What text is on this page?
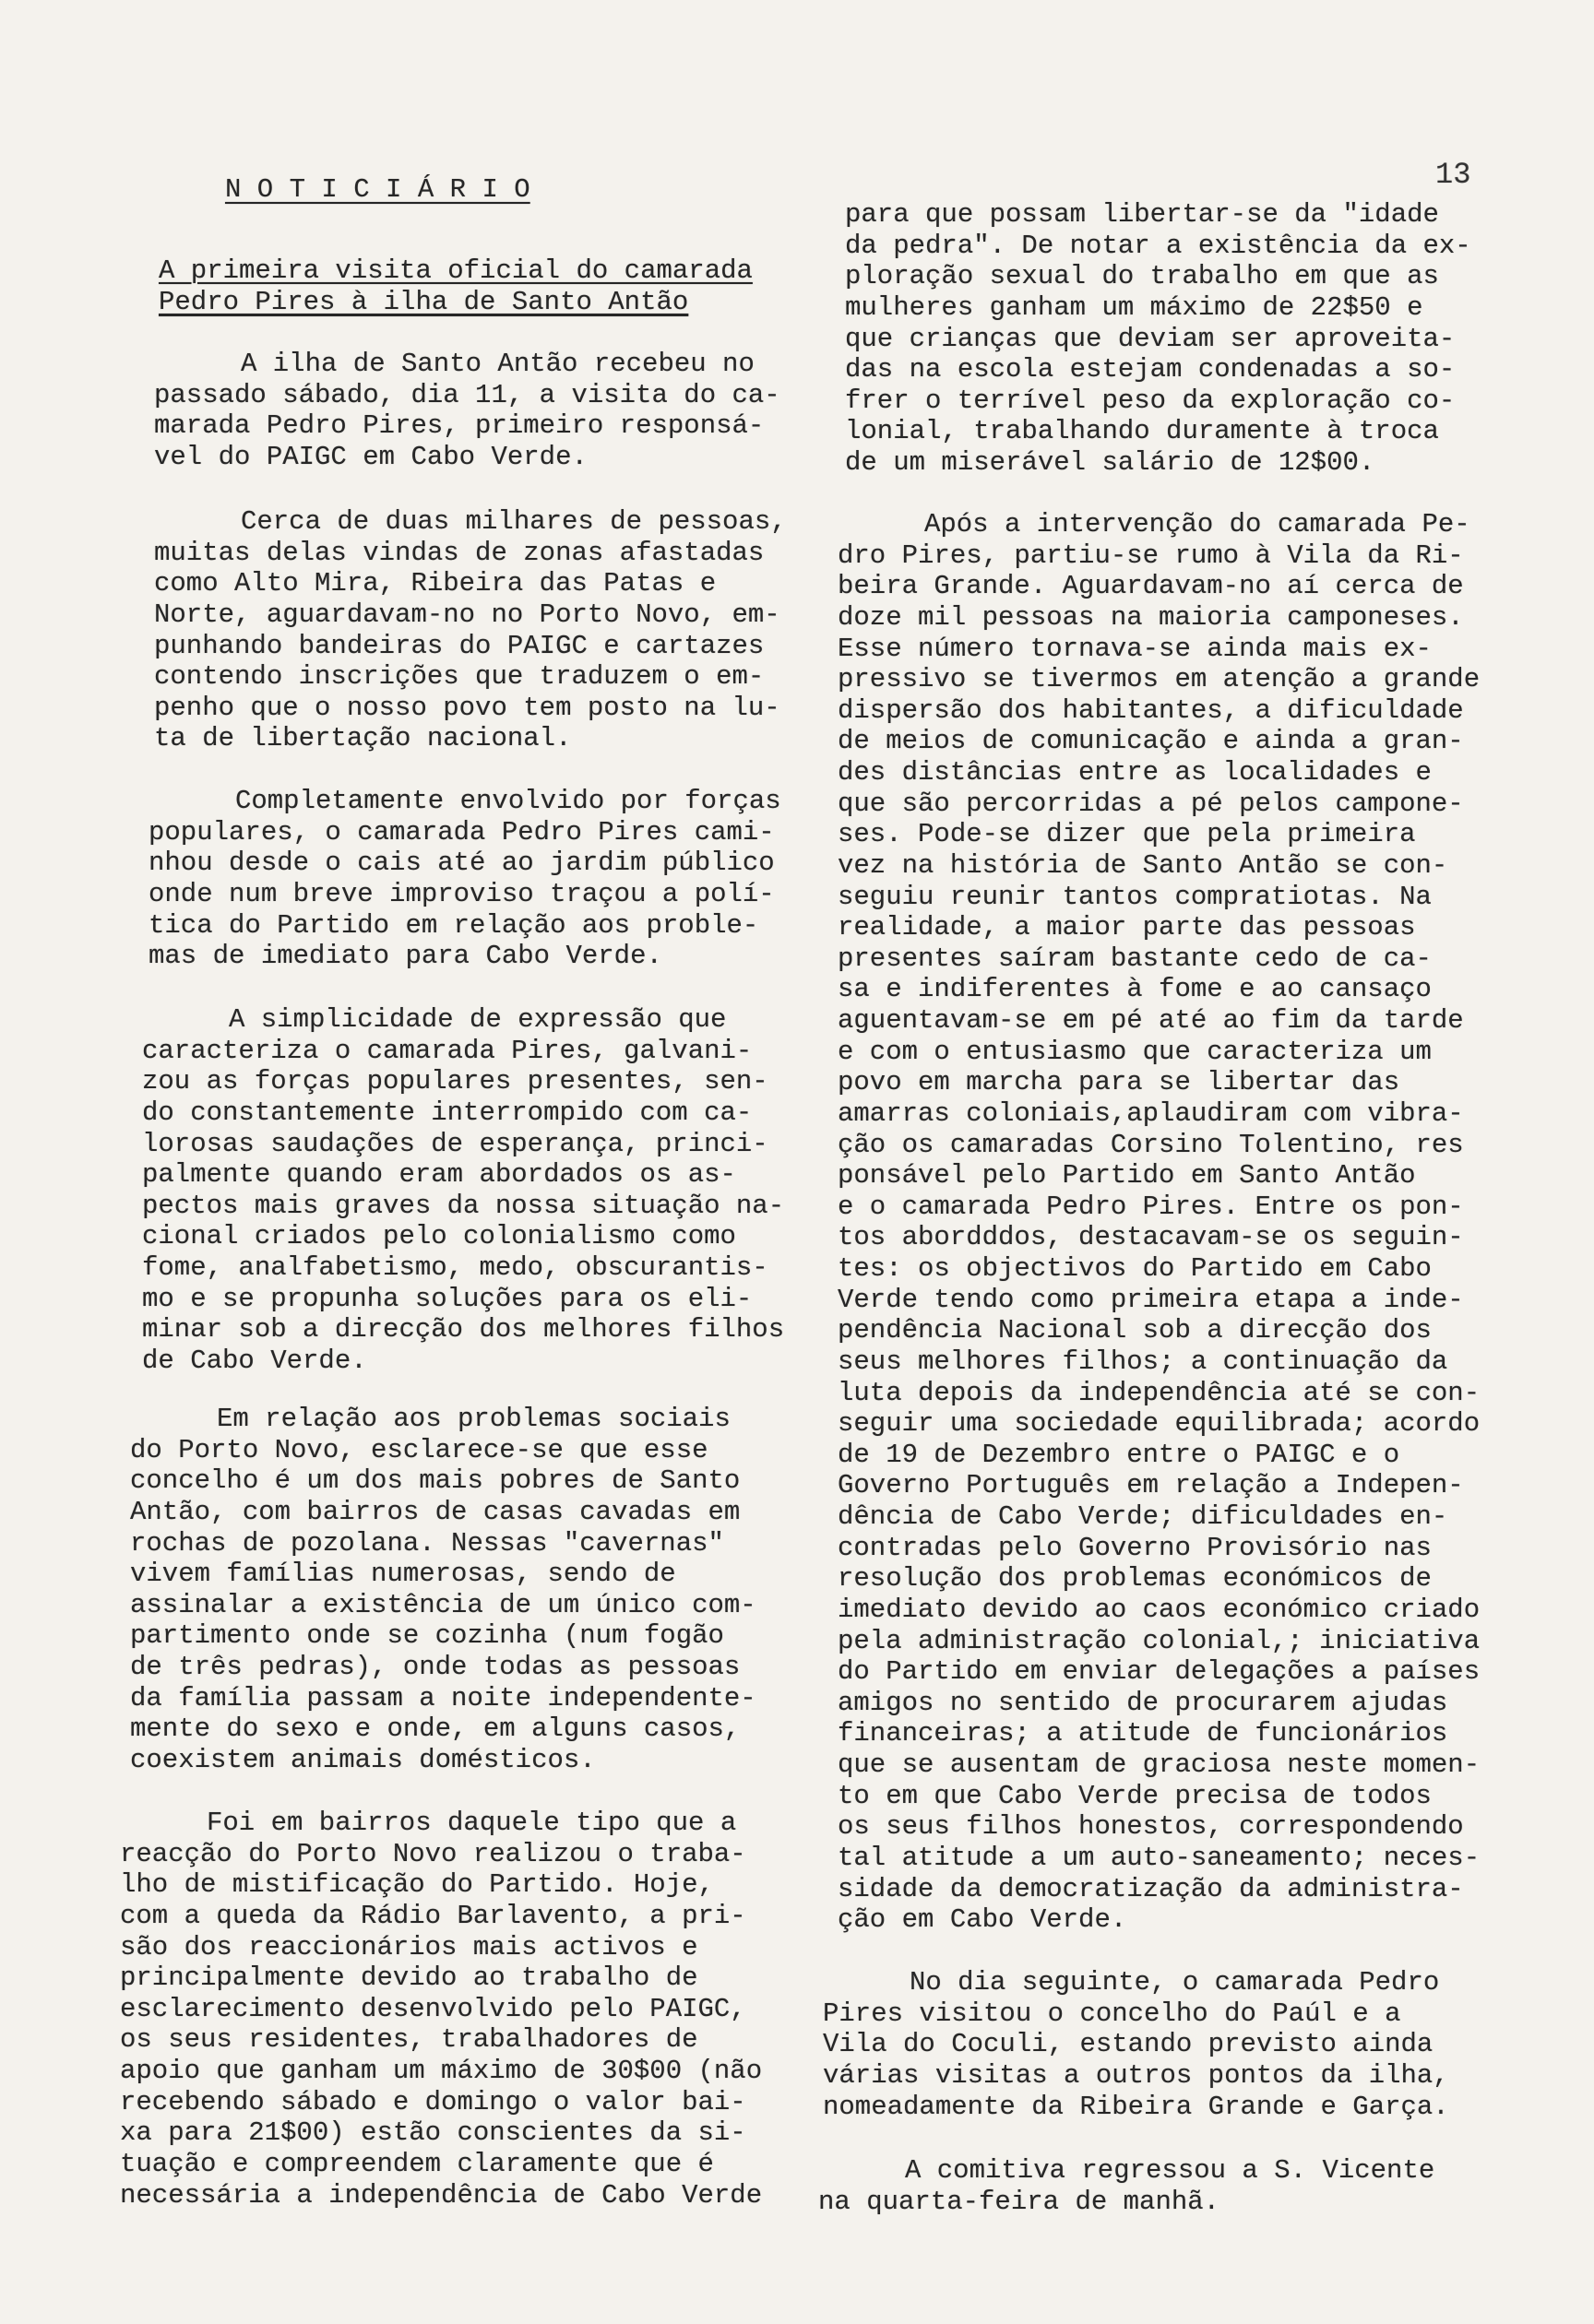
13
N O T I C I Á R I O
A primeira visita oficial do camarada
Pedro Pires à ilha de Santo Antão
A ilha de Santo Antão recebeu no
passado sábado, dia 11, a visita do ca-
marada Pedro Pires, primeiro responsá-
vel do PAIGC em Cabo Verde.
Cerca de duas milhares de pessoas,
muitas delas vindas de zonas afastadas
como Alto Mira, Ribeira das Patas e
Norte, aguardavam-no no Porto Novo, em-
punhando bandeiras do PAIGC e cartazes
contendo inscrições que traduzem o em-
penho que o nosso povo tem posto na lu-
ta de libertação nacional.
Completamente envolvido por forças
populares, o camarada Pedro Pires cami-
nhou desde o cais até ao jardim público
onde num breve improviso traçou a polí-
tica do Partido em relação aos proble-
mas de imediato para Cabo Verde.
A simplicidade de expressão que
caracteriza o camarada Pires, galvani-
zou as forças populares presentes, sen-
do constantemente interrompido com ca-
lorosas saudações de esperança, princi-
palmente quando eram abordados os as-
pectos mais graves da nossa situação na-
cional criados pelo colonialismo como
fome, analfabetismo, medo, obscurantis-
mo e se propunha soluções para os eli-
minar sob a direcção dos melhores filhos
de Cabo Verde.
Em relação aos problemas sociais
do Porto Novo, esclarece-se que esse
concelho é um dos mais pobres de Santo
Antão, com bairros de casas cavadas em
rochas de pozolana. Nessas "cavernas"
vivem famílias numerosas, sendo de
assinalar a existência de um único com-
partimento onde se cozinha (num fogão
de três pedras), onde todas as pessoas
da família passam a noite independente-
mente do sexo e onde, em alguns casos,
coexistem animais domésticos.
Foi em bairros daquele tipo que a
reacção do Porto Novo realizou o traba-
lho de mistificação do Partido. Hoje,
com a queda da Rádio Barlavento, a pri-
são dos reaccionários mais activos e
principalmente devido ao trabalho de
esclarecimento desenvolvido pelo PAIGC,
os seus residentes, trabalhadores de
apoio que ganham um máximo de 30$00 (não
recebendo sábado e domingo o valor bai-
xa para 21$00) estão conscientes da si-
tuação e compreendem claramente que é
necessária a independência de Cabo Verde
para que possam libertar-se da "idade
da pedra". De notar a existência da ex-
ploração sexual do trabalho em que as
mulheres ganham um máximo de 22$50 e
que crianças que deviam ser aproveita-
das na escola estejam condenadas a so-
frer o terrível peso da exploração co-
lonial, trabalhando duramente à troca
de um miserável salário de 12$00.
Após a intervenção do camarada Pe-
dro Pires, partiu-se rumo à Vila da Ri-
beira Grande. Aguardavam-no aí cerca de
doze mil pessoas na maioria camponeses.
Esse número tornava-se ainda mais ex-
pressivo se tivermos em atenção a grande
dispersão dos habitantes, a dificuldade
de meios de comunicação e ainda a gran-
des distâncias entre as localidades e
que são percorridas a pé pelos campone-
ses. Pode-se dizer que pela primeira
vez na história de Santo Antão se con-
seguiu reunir tantos compratiotas. Na
realidade, a maior parte das pessoas
presentes saíram bastante cedo de ca-
sa e indiferentes à fome e ao cansaço
aguentavam-se em pé até ao fim da tarde
e com o entusiasmo que caracteriza um
povo em marcha para se libertar das
amarras coloniais,aplaudiram com vibra-
ção os camaradas Corsino Tolentino, res
ponsável pelo Partido em Santo Antão
e o camarada Pedro Pires. Entre os pon-
tos abordddos, destacavam-se os seguin-
tes: os objectivos do Partido em Cabo
Verde tendo como primeira etapa a inde-
pendência Nacional sob a direcção dos
seus melhores filhos; a continuação da
luta depois da independência até se con-
seguir uma sociedade equilibrada; acordo
de 19 de Dezembro entre o PAIGC e o
Governo Português em relação a Indepen-
dência de Cabo Verde; dificuldades en-
contradas pelo Governo Provisório nas
resolução dos problemas económicos de
imediato devido ao caos económico criado
pela administração colonial,; iniciativa
do Partido em enviar delegações a países
amigos no sentido de procurarem ajudas
financeiras; a atitude de funcionários
que se ausentam de graciosa neste momen-
to em que Cabo Verde precisa de todos
os seus filhos honestos, correspondendo
tal atitude a um auto-saneamento; neces-
sidade da democratização da administra-
ção em Cabo Verde.
No dia seguinte, o camarada Pedro
Pires visitou o concelho do Paúl e a
Vila do Coculi, estando previsto ainda
várias visitas a outros pontos da ilha,
nomeadamente da Ribeira Grande e Garça.
A comitiva regressou a S. Vicente
na quarta-feira de manhã.
